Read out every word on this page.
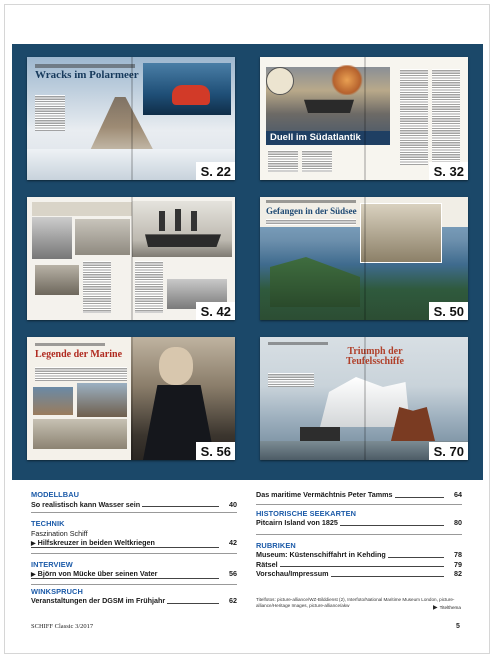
Wracks im Polarmeer
S. 22
Duell im Südatlantik
S. 32
S. 42
Gefangen in der Südsee
S. 50
Legende der Marine
S. 56
Triumph der Teufelsschiffe
S. 70
MODELLBAU
So realistisch kann Wasser sein	40
TECHNIK
Faszination Schiff
▶ Hilfskreuzer in beiden Weltkriegen	42
INTERVIEW
▶ Björn von Mücke über seinen Vater	56
WINKSPRUCH
Veranstaltungen der DGSM im Frühjahr	62
Das maritime Vermächtnis Peter Tamms	64
HISTORISCHE SEEKARTEN
Pitcairn Island von 1825	80
RUBRIKEN
Museum: Küstenschiffahrt in Kehding	78
Rätsel	79
Vorschau/Impressum	82
Titelfotos: picture-alliance/WZ-Bilddienst (2), Interfoto/National Maritime Museum London, picture-alliance/Heritage Images, picture-alliance/akw	▶ Titelthema
SCHIFF Classic 3/2017	5
